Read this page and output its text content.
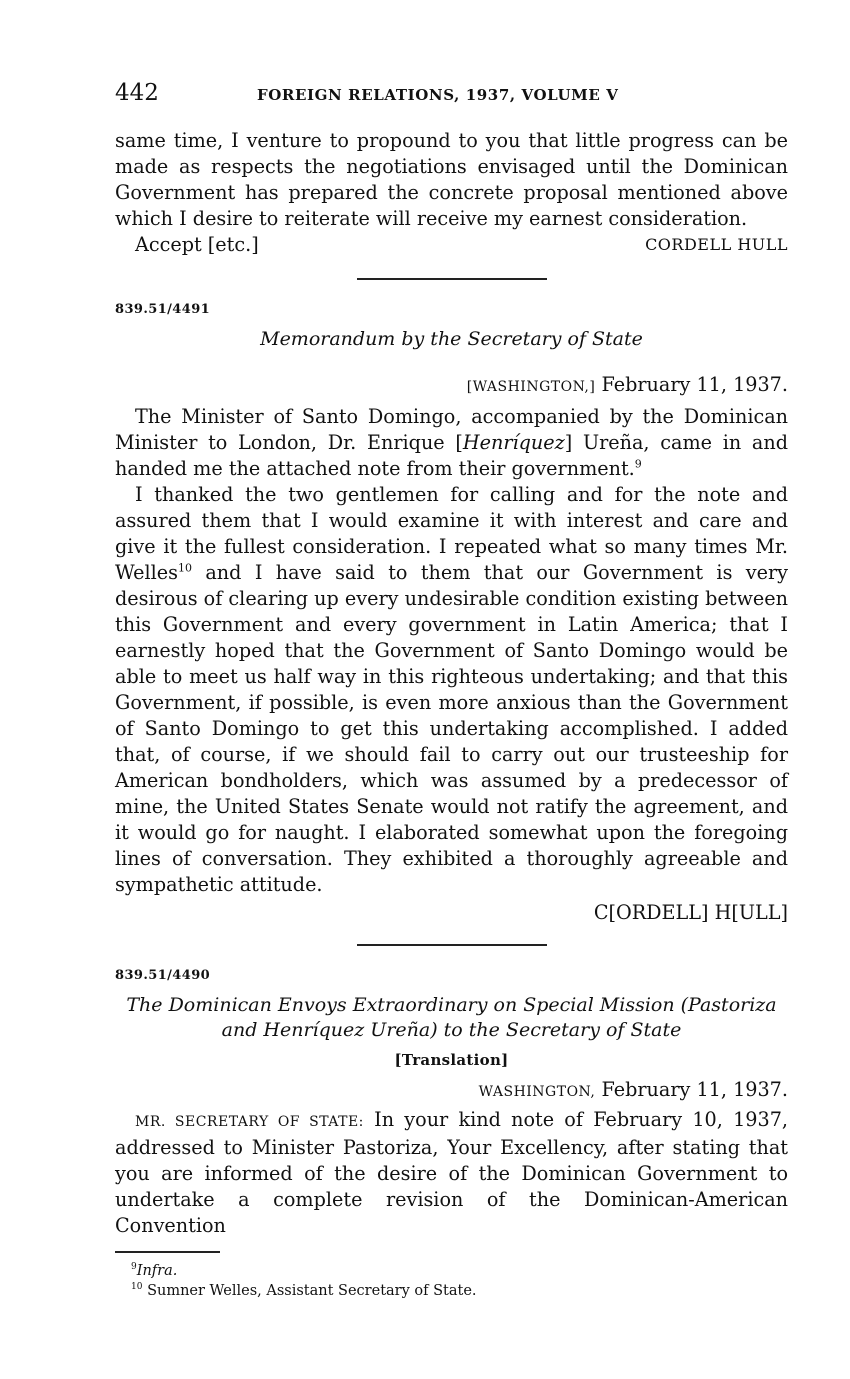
442	FOREIGN RELATIONS, 1937, VOLUME V

same time, I venture to propound to you that little progress can be made as respects the negotiations envisaged until the Dominican Government has prepared the concrete proposal mentioned above which I desire to reiterate will receive my earnest consideration.

Accept [etc.]	CORDELL HULL
839.51/4491
Memorandum by the Secretary of State
[WASHINGTON,] February 11, 1937.

The Minister of Santo Domingo, accompanied by the Dominican Minister to London, Dr. Enrique [Henríquez] Ureña, came in and handed me the attached note from their government.$^9$

I thanked the two gentlemen for calling and for the note and assured them that I would examine it with interest and care and give it the fullest consideration. I repeated what so many times Mr. Welles$^{10}$ and I have said to them that our Government is very desirous of clearing up every undesirable condition existing between this Government and every government in Latin America; that I earnestly hoped that the Government of Santo Domingo would be able to meet us half way in this righteous undertaking; and that this Government, if possible, is even more anxious than the Government of Santo Domingo to get this undertaking accomplished. I added that, of course, if we should fail to carry out our trusteeship for American bondholders, which was assumed by a predecessor of mine, the United States Senate would not ratify the agreement, and it would go for naught. I elaborated somewhat upon the foregoing lines of conversation. They exhibited a thoroughly agreeable and sympathetic attitude.

C[ORDELL] H[ULL]
839.51/4490
The Dominican Envoys Extraordinary on Special Mission (Pastoriza and Henríquez Ureña) to the Secretary of State
[Translation]
WASHINGTON, February 11, 1937.

MR. SECRETARY OF STATE: In your kind note of February 10, 1937, addressed to Minister Pastoriza, Your Excellency, after stating that you are informed of the desire of the Dominican Government to undertake a complete revision of the Dominican-American Convention

$^9$Infra.
$^{10}$ Sumner Welles, Assistant Secretary of State.
